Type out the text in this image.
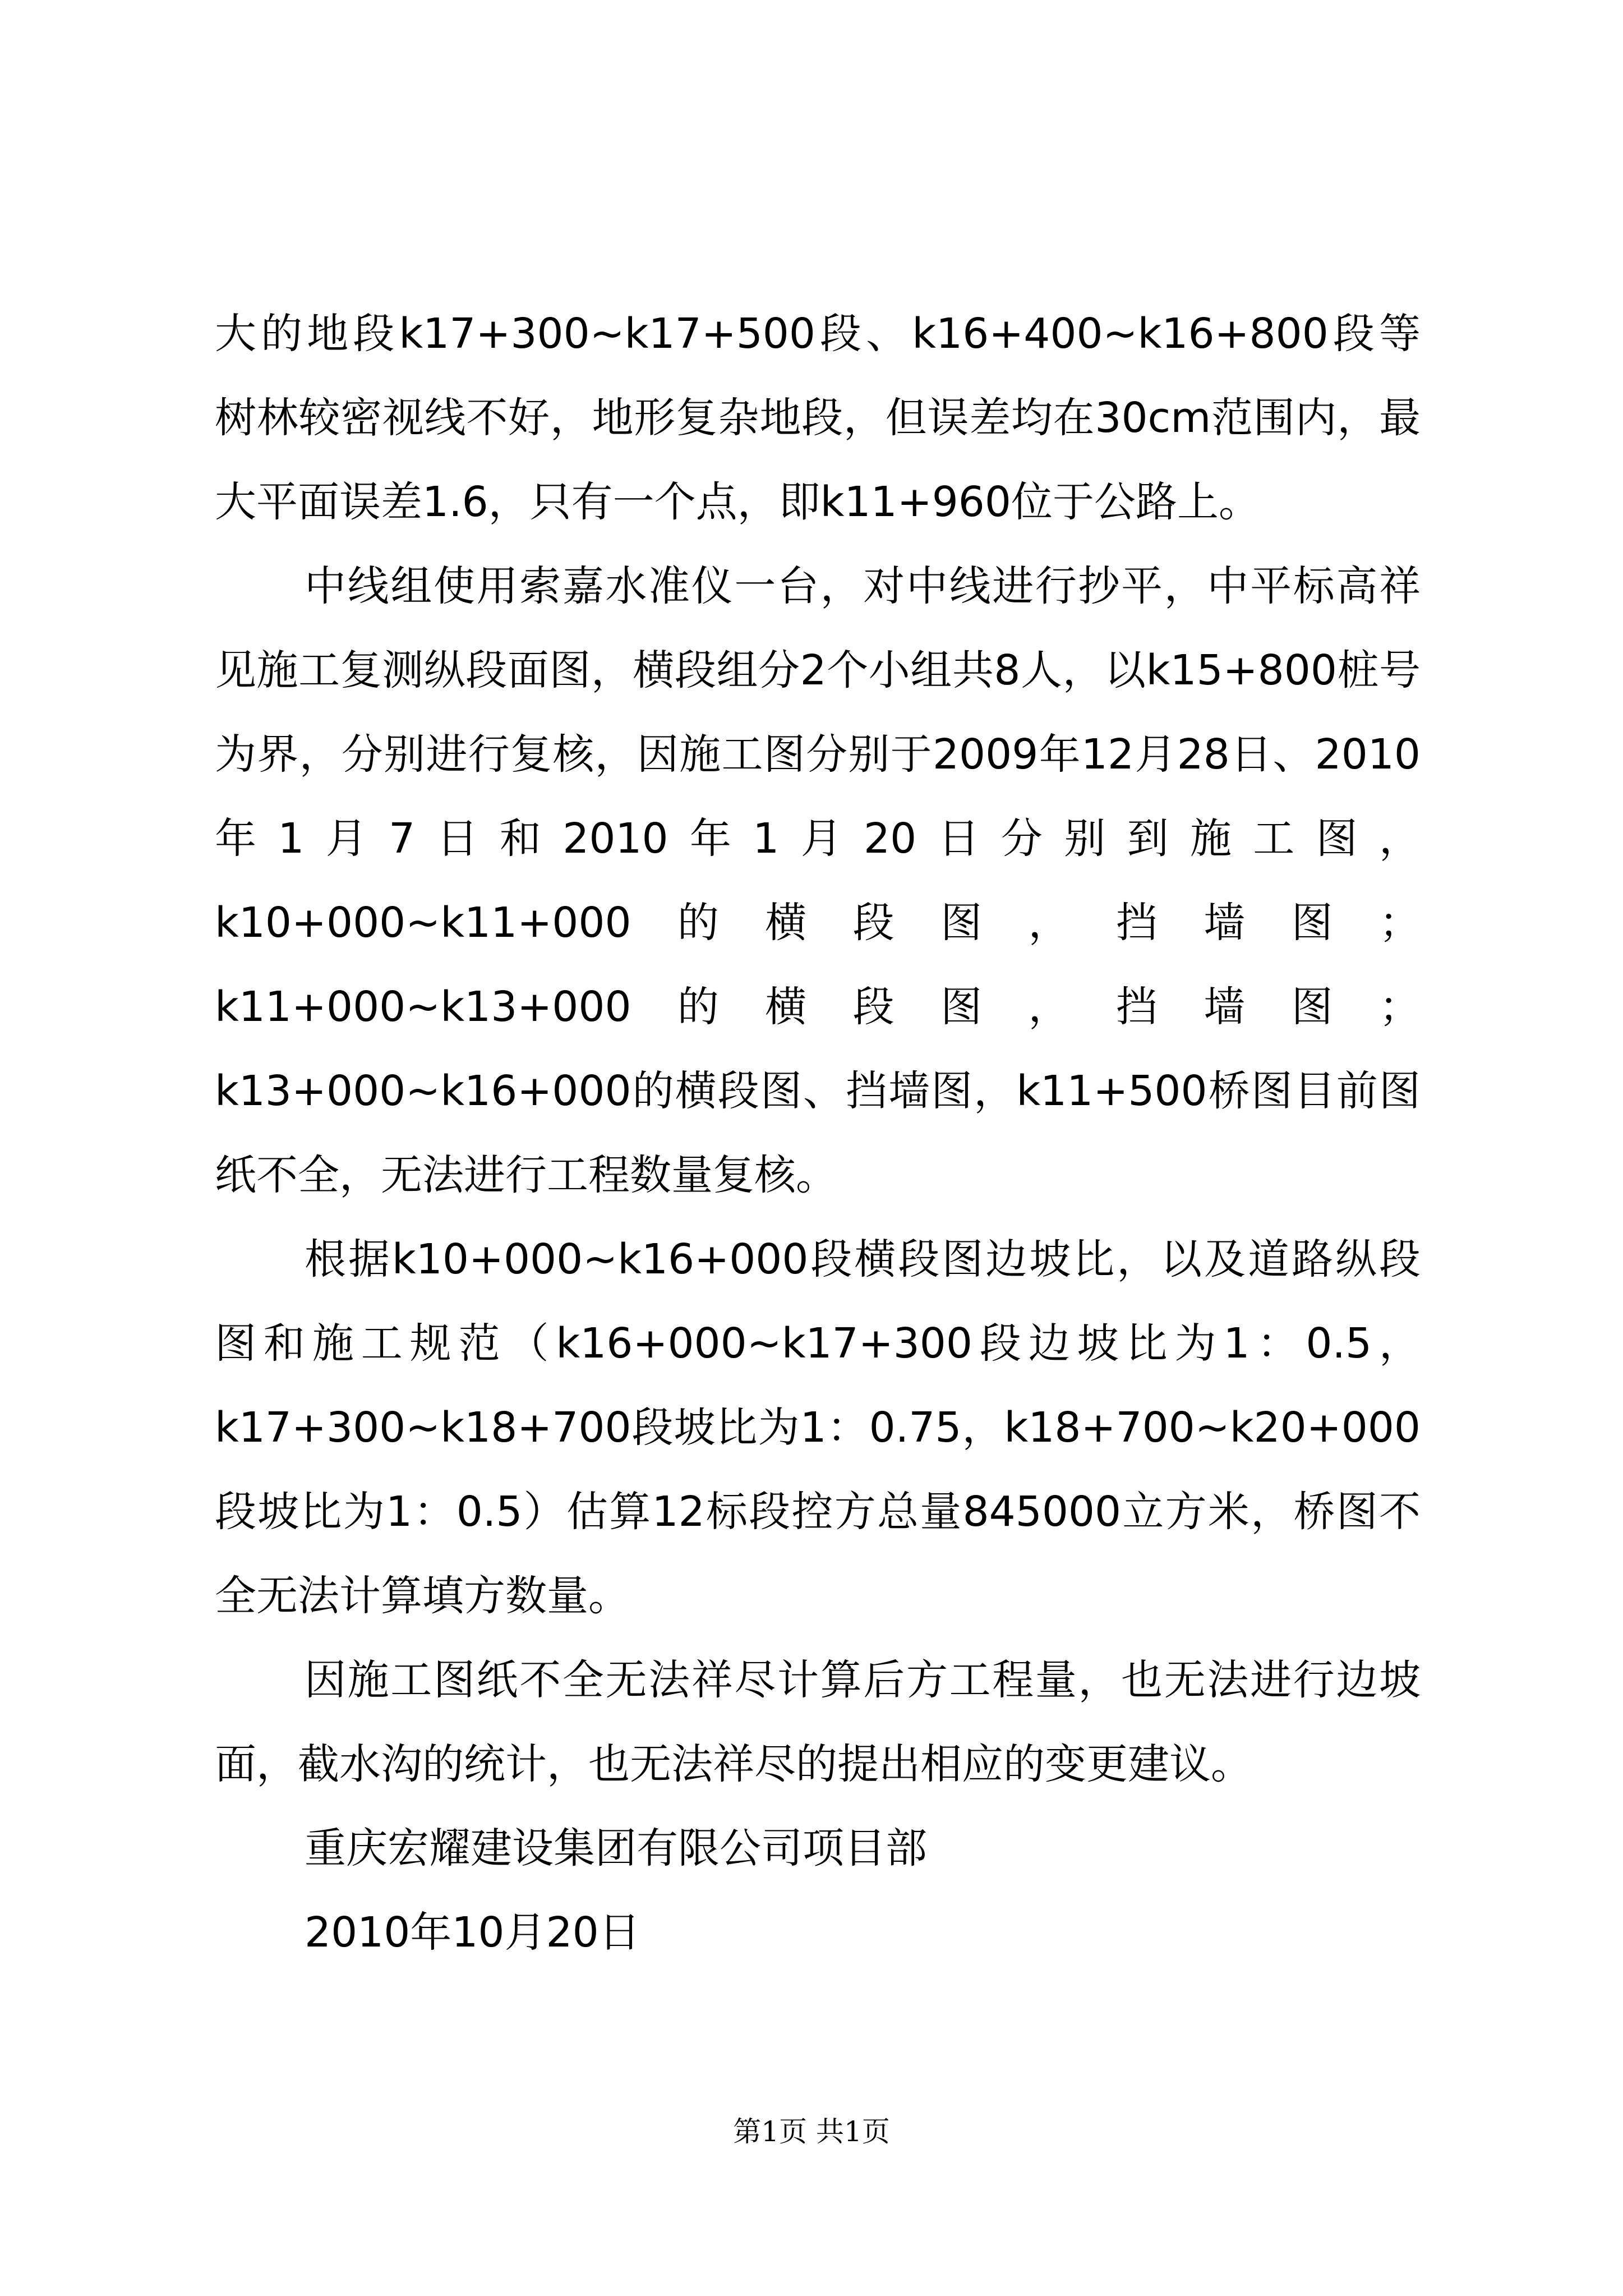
大的地段k17+300~k17+500段、k16+400~k16+800段等树林较密视线不好，地形复杂地段，但误差均在30cm范围内，最大平面误差1.6，只有一个点，即k11+960位于公路上。

中线组使用索嘉水准仪一台，对中线进行抄平，中平标高祥见施工复测纵段面图，横段组分2个小组共8人，以k15+800桩号为界，分别进行复核，因施工图分别于2009年12月28日、2010年1月7日和2010年1月20日分别到施工图，k10+000~k11+000的横段图，挡墙图；k11+000~k13+000的横段图，挡墙图；k13+000~k16+000的横段图、挡墙图，k11+500桥图目前图纸不全，无法进行工程数量复核。

根据k10+000~k16+000段横段图边坡比，以及道路纵段图和施工规范（k16+000~k17+300段边坡比为1：0.5，k17+300~k18+700段坡比为1：0.75，k18+700~k20+000段坡比为1：0.5）估算12标段控方总量845000立方米，桥图不全无法计算填方数量。

因施工图纸不全无法祥尽计算后方工程量，也无法进行边坡面，截水沟的统计，也无法祥尽的提出相应的变更建议。

重庆宏耀建设集团有限公司项目部

2010年10月20日

第1页 共1页
